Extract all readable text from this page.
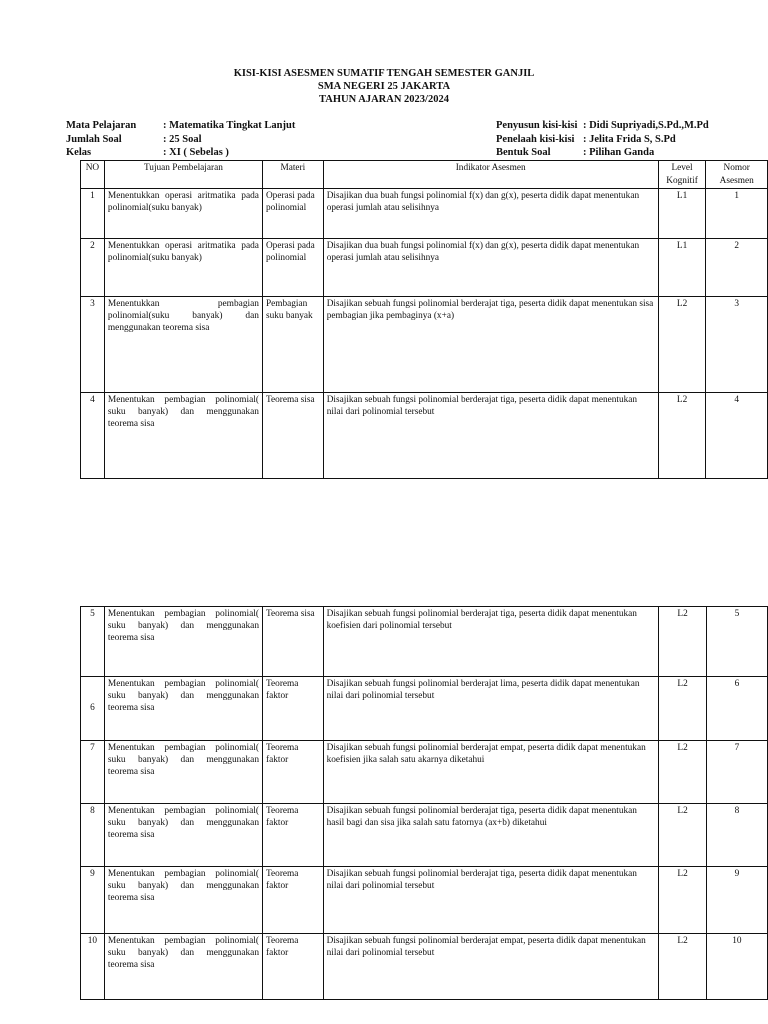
KISI-KISI ASESMEN SUMATIF TENGAH SEMESTER GANJIL
SMA NEGERI 25 JAKARTA
TAHUN AJARAN 2023/2024
Mata Pelajaran	: Matematika Tingkat Lanjut
Jumlah Soal	: 25 Soal
Kelas	: XI ( Sebelas )
Penyusun kisi-kisi : Didi Supriyadi,S.Pd.,M.Pd
Penelaah kisi-kisi : Jelita Frida S, S.Pd
Bentuk Soal	: Pilihan Ganda
NO	Tujuan Pembelajaran	Materi	Indikator Asesmen	Level Kognitif	Nomor Asesmen
1	Menentukkan operasi aritmatika pada polinomial(suku banyak)	Operasi pada polinomial	Disajikan dua buah fungsi polinomial f(x) dan g(x), peserta didik dapat menentukan operasi jumlah atau selisihnya	L1	1
2	Menentukkan operasi aritmatika pada polinomial(suku banyak)	Operasi pada polinomial	Disajikan dua buah fungsi polinomial f(x) dan g(x), peserta didik dapat menentukan operasi jumlah atau selisihnya	L1	2
3	Menentukkan pembagian polinomial(suku banyak) dan menggunakan teorema sisa	Pembagian suku banyak	Disajikan sebuah fungsi polinomial berderajat tiga, peserta didik dapat menentukan sisa pembagian jika pembaginya (x+a)	L2	3
4	Menentukan pembagian polinomial( suku banyak) dan menggunakan teorema sisa	Teorema sisa	Disajikan sebuah fungsi polinomial berderajat tiga, peserta didik dapat menentukan nilai dari polinomial tersebut	L2	4
5	Menentukan pembagian polinomial( suku banyak) dan menggunakan teorema sisa	Teorema sisa	Disajikan sebuah fungsi polinomial berderajat tiga, peserta didik dapat menentukan koefisien dari polinomial tersebut	L2	5
6	Menentukan pembagian polinomial( suku banyak) dan menggunakan teorema sisa	Teorema faktor	Disajikan sebuah fungsi polinomial berderajat lima, peserta didik dapat menentukan nilai dari polinomial tersebut	L2	6
7	Menentukan pembagian polinomial( suku banyak) dan menggunakan teorema sisa	Teorema faktor	Disajikan sebuah fungsi polinomial berderajat empat, peserta didik dapat menentukan koefisien jika salah satu akarnya diketahui	L2	7
8	Menentukan pembagian polinomial( suku banyak) dan menggunakan teorema sisa	Teorema faktor	Disajikan sebuah fungsi polinomial berderajat tiga, peserta didik dapat menentukan hasil bagi dan sisa jika salah satu fatornya (ax+b) diketahui	L2	8
9	Menentukan pembagian polinomial( suku banyak) dan menggunakan teorema sisa	Teorema faktor	Disajikan sebuah fungsi polinomial berderajat tiga, peserta didik dapat menentukan nilai dari polinomial tersebut	L2	9
10	Menentukan pembagian polinomial( suku banyak) dan menggunakan teorema sisa	Teorema faktor	Disajikan sebuah fungsi polinomial berderajat empat, peserta didik dapat menentukan nilai dari polinomial tersebut	L2	10
